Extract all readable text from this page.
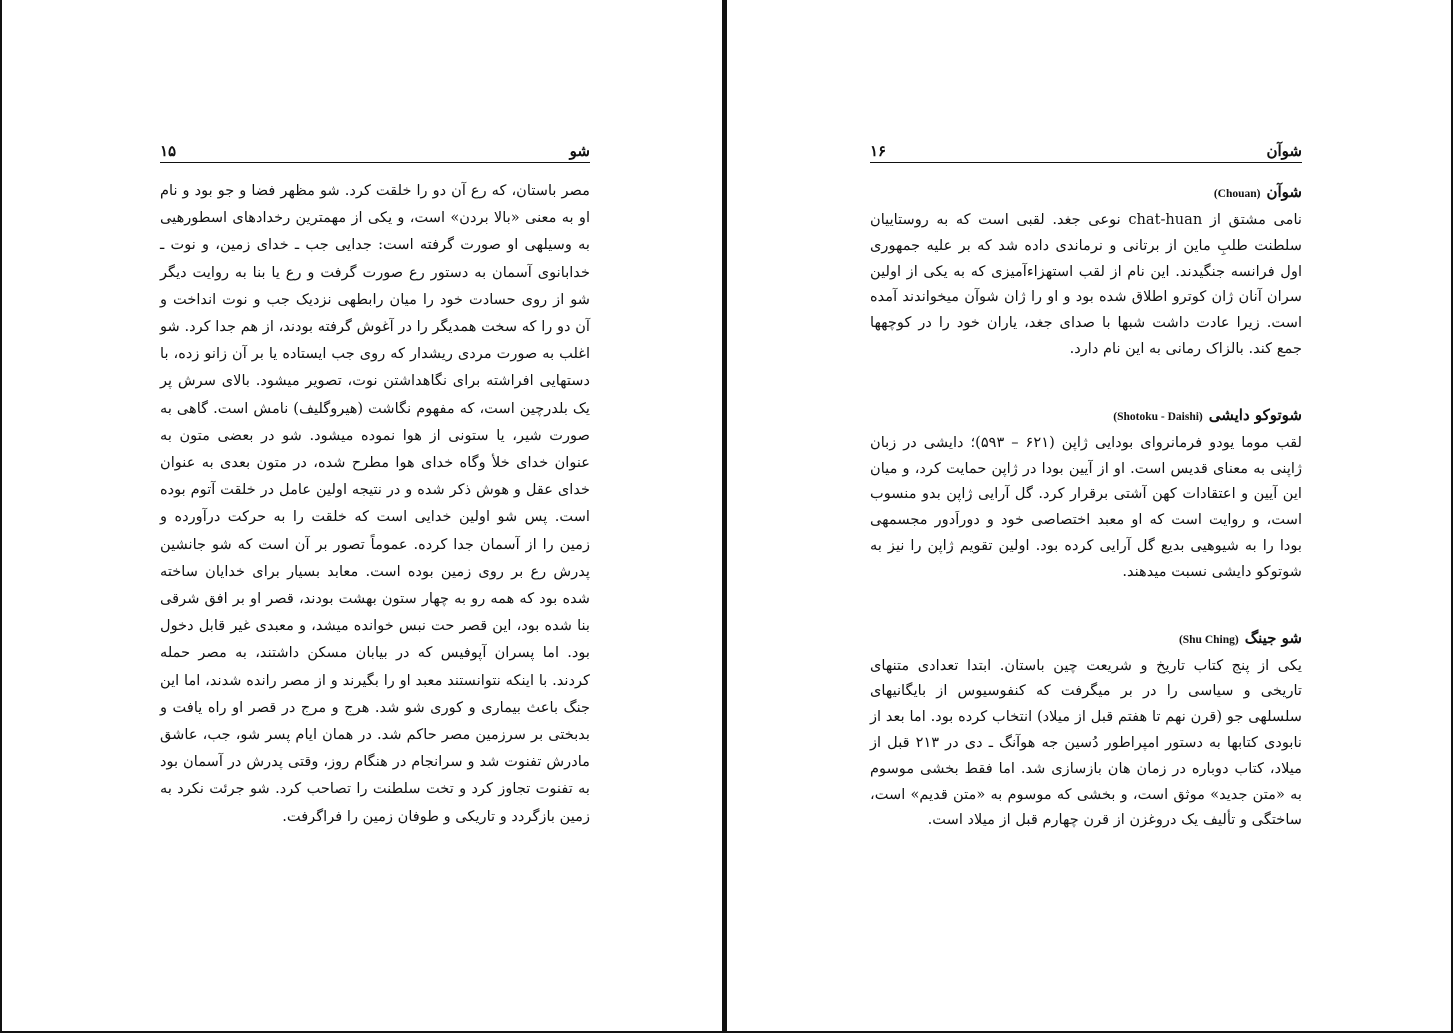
شو
۱۵
مصر باستان، که رع آن دو را خلقت کرد. شو مظهر فضا و جو بود و نام او به معنی «بالا بردن» است، و یکی از مهمترین رخدادهای اسطورهیی به وسیلهی او صورت گرفته است: جدایی جب ـ خدای زمین، و نوت ـ خدابانوی آسمان به دستور رع صورت گرفت و رع یا بنا به روایت دیگر شو از روی حسادت خود را میان رابطهی نزدیک جب و نوت انداخت و آن دو را که سخت همدیگر را در آغوش گرفته بودند، از هم جدا کرد. شو اغلب به صورت مردی ریشدار که روی جب ایستاده یا بر آن زانو زده، با دستهایی افراشته برای نگاهداشتن نوت، تصویر میشود. بالای سرش پر یک بلدرچین است، که مفهوم نگاشت (هیروگلیف) نامش است. گاهی به صورت شیر، یا ستونی از هوا نموده میشود. شو در بعضی متون به عنوان خدای خلأ وگاه خدای هوا مطرح شده، در متون بعدی به عنوان خدای عقل و هوش ذکر شده و در نتیجه اولین عامل در خلقت آتوم بوده است. پس شو اولین خدایی است که خلقت را به حرکت درآورده و زمین را از آسمان جدا کرده. عموماً تصور بر آن است که شو جانشین پدرش رع بر روی زمین بوده است. معابد بسیار برای خدایان ساخته شده بود که همه رو به چهار ستون بهشت بودند، قصر او بر افق شرقی بنا شده بود، این قصر حت نبس خوانده میشد، و معبدی غیر قابل دخول بود. اما پسران آپوفیس که در بیابان مسکن داشتند، به مصر حمله کردند. با اینکه نتوانستند معبد او را بگیرند و از مصر رانده شدند، اما این جنگ باعث بیماری و کوری شو شد. هرج و مرج در قصر او راه یافت و بدبختی بر سرزمین مصر حاکم شد. در همان ایام پسر شو، جب، عاشق مادرش تفنوت شد و سرانجام در هنگام روز، وقتی پدرش در آسمان بود به تفنوت تجاوز کرد و تخت سلطنت را تصاحب کرد. شو جرئت نکرد به زمین بازگردد و تاریکی و طوفان زمین را فراگرفت.
شوآن
۱۶
شوآن(Chouan)
نامی مشتق از chat-huan نوعی جغد. لقبی است که به روستاییان سلطنت طلبِ ماین از برتانی و نرماندی داده شد که بر علیه جمهوری اول فرانسه جنگیدند. این نام از لقب استهزاءآمیزی که به یکی از اولین سران آنان ژان کوترو اطلاق شده بود و او را ژان شوآن میخواندند آمده است. زیرا عادت داشت شبها با صدای جغد، یاران خود را در کوچهها جمع کند. بالزاک رمانی به این نام دارد.
شوتوکو دایشی(Shotoku - Daishi)
لقب موما یودو فرمانروای بودایی ژاپن (۶۲۱ – ۵۹۳)؛ دایشی در زبان ژاپنی به معنای قدیس است. او از آیین بودا در ژاپن حمایت کرد، و میان این آیین و اعتقادات کهن آشتی برقرار کرد. گل آرایی ژاپن بدو منسوب است، و روایت است که او معبد اختصاصی خود و دوراَدور مجسمهی بودا را به شیوهیی بدیع گل آرایی کرده بود. اولین تقویم ژاپن را نیز به شوتوکو دایشی نسبت میدهند.
شو جینگ(Shu Ching)
یکی از پنج کتاب تاریخ و شریعت چین باستان. ابتدا تعدادی متنهای تاریخی و سیاسی را در بر میگرفت که کنفوسیوس از بایگانیهای سلسلهی جو (قرن نهم تا هفتم قبل از میلاد) انتخاب کرده بود. اما بعد از نابودی کتابها به دستور امپراطور دُسین جه هوآنگ ـ دی در ۲۱۳ قبل از میلاد، کتاب دوباره در زمان هان بازسازی شد. اما فقط بخشی موسوم به «متن جدید» موثق است، و بخشی که موسوم به «متن قدیم» است، ساختگی و تألیف یک دروغزن از قرن چهارم قبل از میلاد است.
